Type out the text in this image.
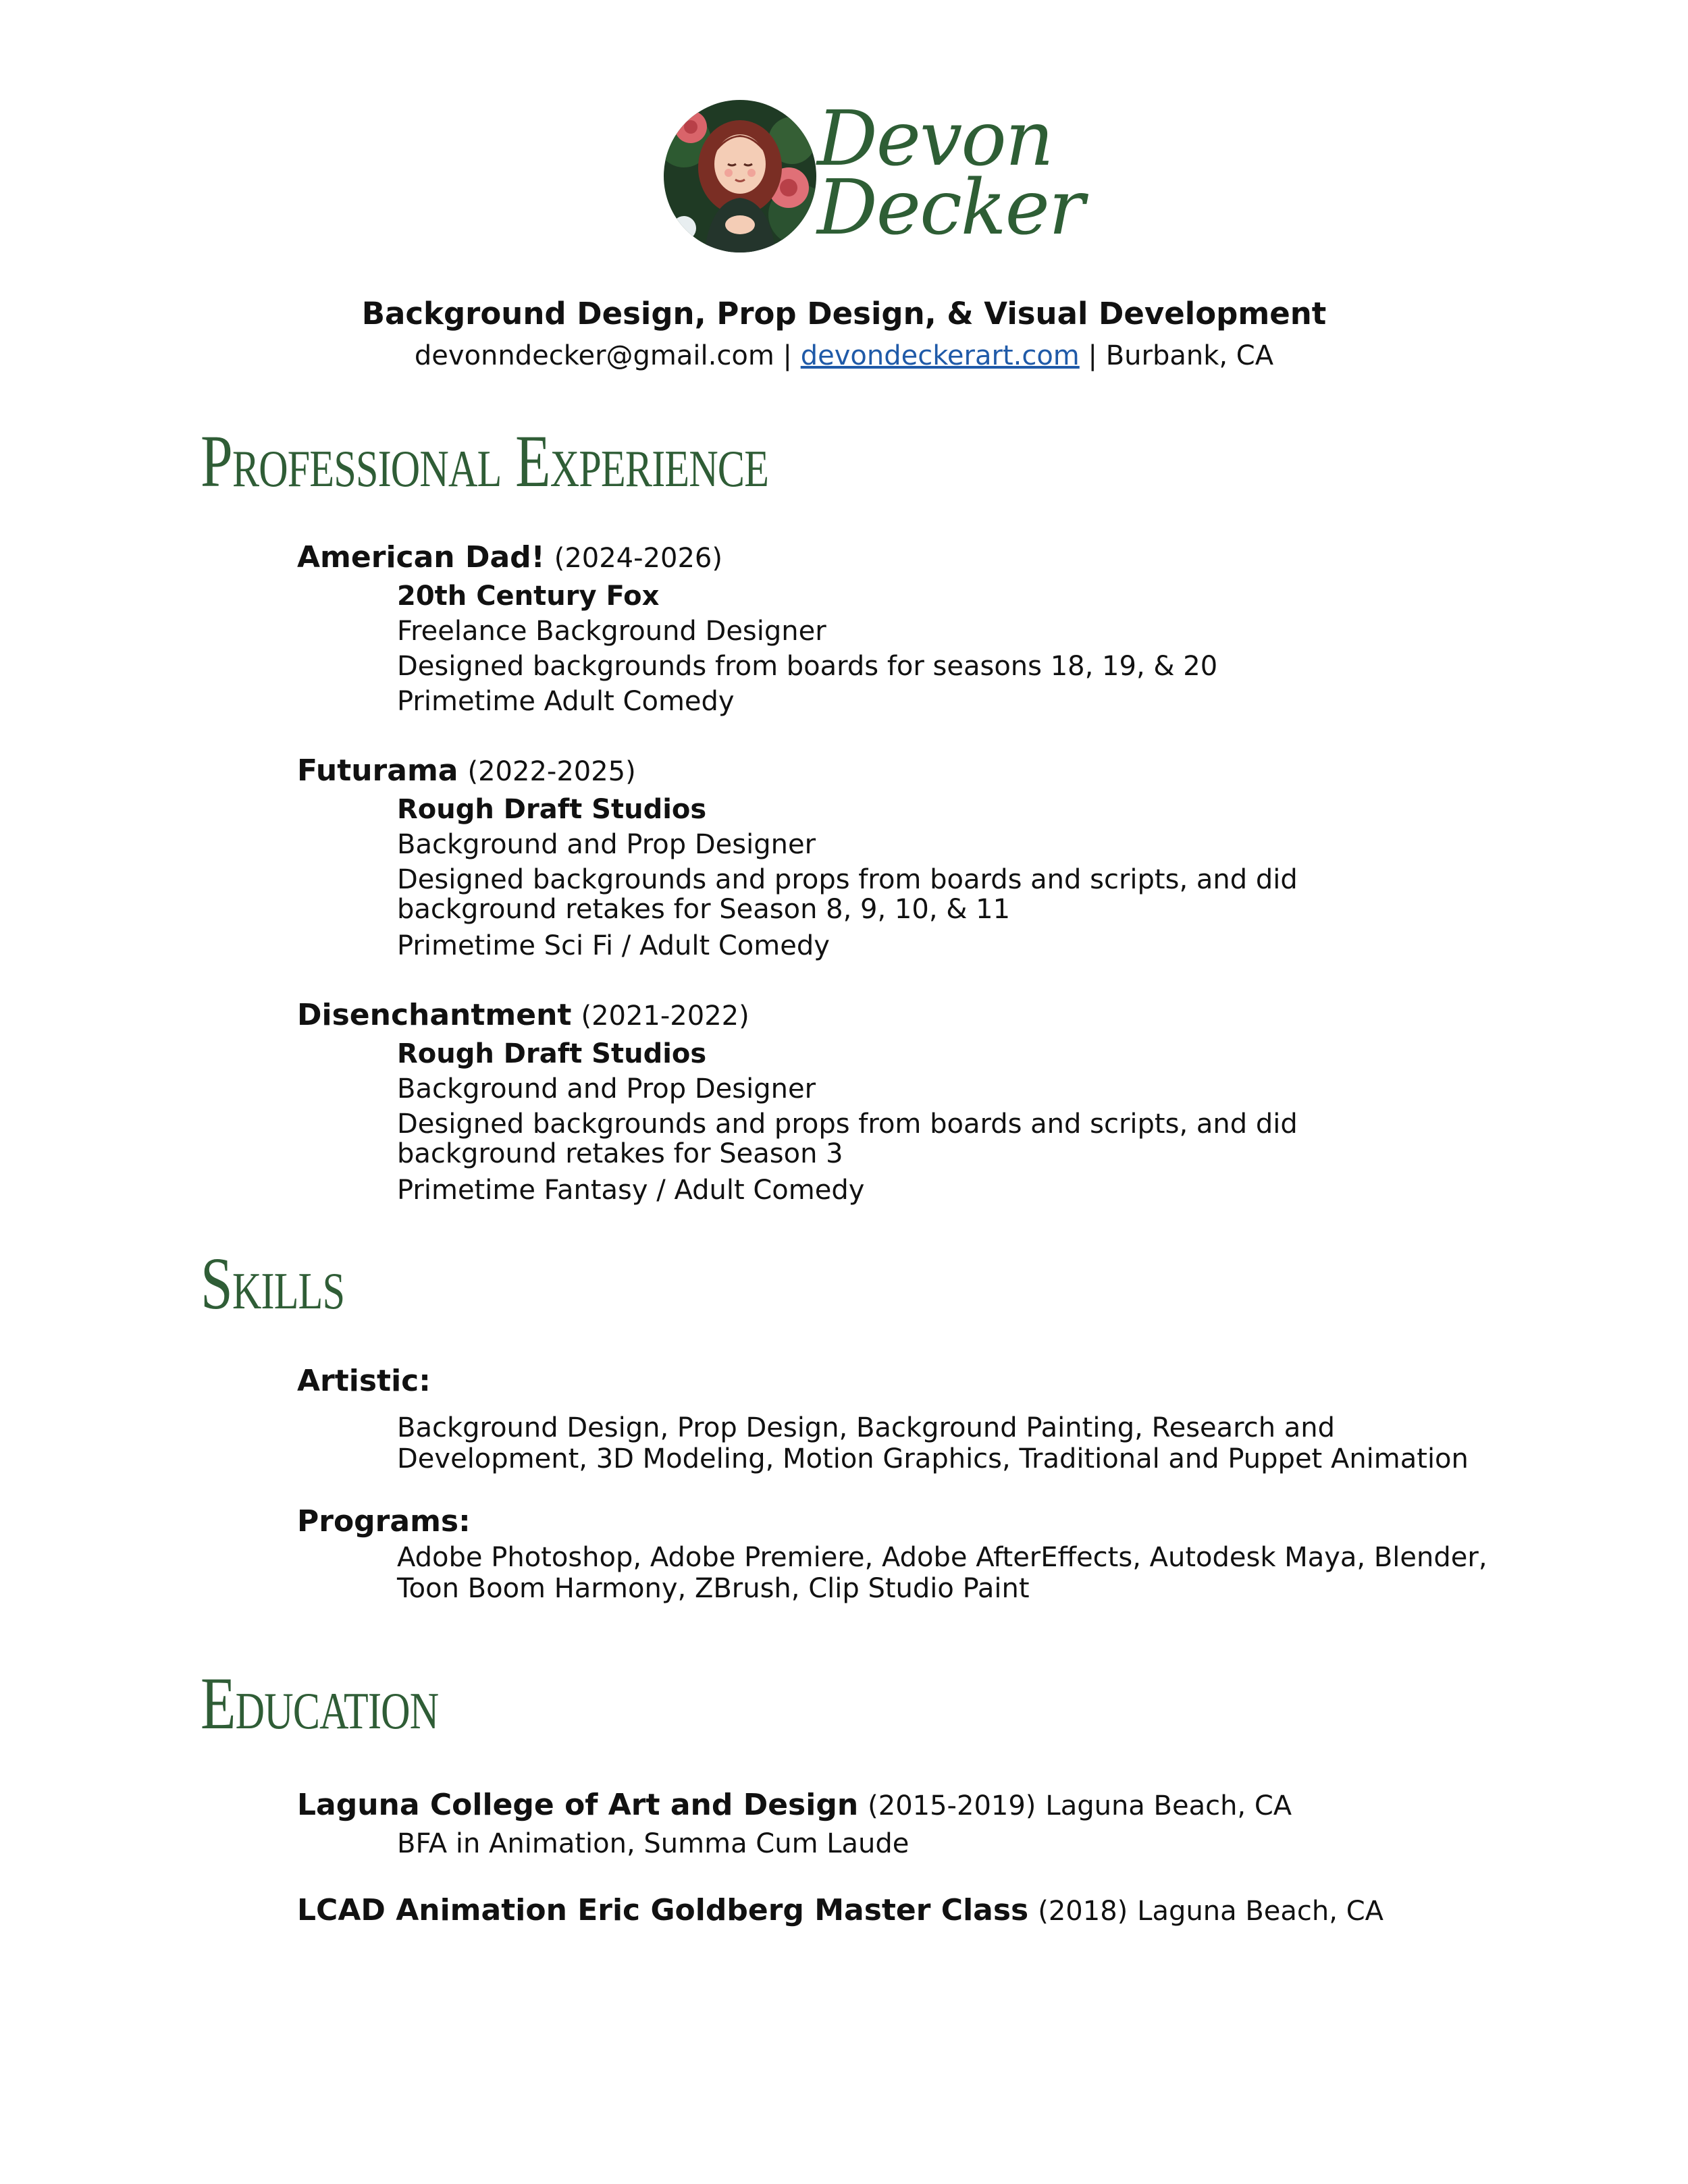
Devon
Decker
Background Design, Prop Design, & Visual Development
devonndecker@gmail.com | devondeckerart.com | Burbank, CA
Professional Experience
American Dad! (2024-2026)
20th Century Fox
Freelance Background Designer
Designed backgrounds from boards for seasons 18, 19, & 20
Primetime Adult Comedy
Futurama (2022-2025)
Rough Draft Studios
Background and Prop Designer
Designed backgrounds and props from boards and scripts, and did
background retakes for Season 8, 9, 10, & 11
Primetime Sci Fi / Adult Comedy
Disenchantment (2021-2022)
Rough Draft Studios
Background and Prop Designer
Designed backgrounds and props from boards and scripts, and did
background retakes for Season 3
Primetime Fantasy / Adult Comedy
Skills
Artistic:
Background Design, Prop Design, Background Painting, Research and
Development, 3D Modeling, Motion Graphics, Traditional and Puppet Animation
Programs:
Adobe Photoshop, Adobe Premiere, Adobe AfterEffects, Autodesk Maya, Blender,
Toon Boom Harmony, ZBrush, Clip Studio Paint
Education
Laguna College of Art and Design (2015-2019) Laguna Beach, CA
BFA in Animation, Summa Cum Laude
LCAD Animation Eric Goldberg Master Class (2018) Laguna Beach, CA
